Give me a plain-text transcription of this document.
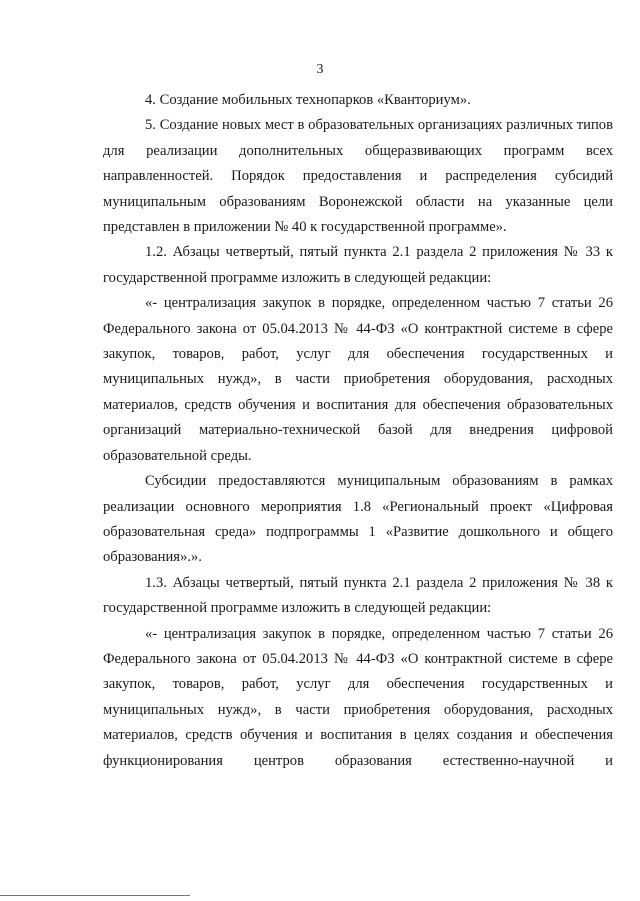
3

4. Создание мобильных технопарков «Кванториум».

5. Создание новых мест в образовательных организациях различных типов для реализации дополнительных общеразвивающих программ всех направленностей. Порядок предоставления и распределения субсидий муниципальным образованиям Воронежской области на указанные цели представлен в приложении № 40 к государственной программе».

1.2. Абзацы четвертый, пятый пункта 2.1 раздела 2 приложения № 33 к государственной программе изложить в следующей редакции:

«- централизация закупок в порядке, определенном частью 7 статьи 26 Федерального закона от 05.04.2013 № 44-ФЗ «О контрактной системе в сфере закупок, товаров, работ, услуг для обеспечения государственных и муниципальных нужд», в части приобретения оборудования, расходных материалов, средств обучения и воспитания для обеспечения образовательных организаций материально-технической базой для внедрения цифровой образовательной среды.

Субсидии предоставляются муниципальным образованиям в рамках реализации основного мероприятия 1.8 «Региональный проект «Цифровая образовательная среда» подпрограммы 1 «Развитие дошкольного и общего образования».».

1.3. Абзацы четвертый, пятый пункта 2.1 раздела 2 приложения № 38 к государственной программе изложить в следующей редакции:

«- централизация закупок в порядке, определенном частью 7 статьи 26 Федерального закона от 05.04.2013 № 44-ФЗ «О контрактной системе в сфере закупок, товаров, работ, услуг для обеспечения государственных и муниципальных нужд», в части приобретения оборудования, расходных материалов, средств обучения и воспитания в целях создания и обеспечения функционирования центров образования естественно-научной и
